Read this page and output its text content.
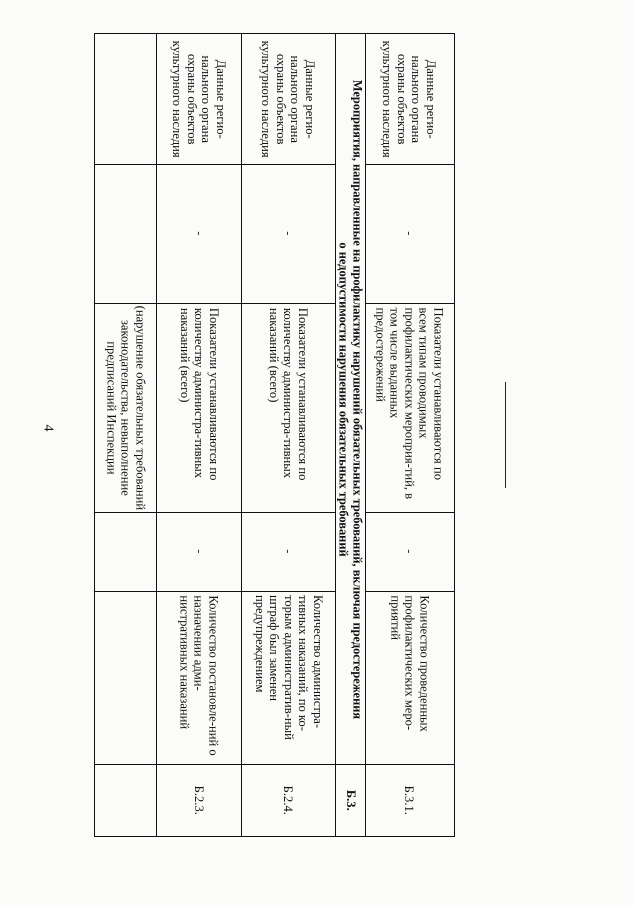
4	(нарушение обязательных требований законодательства, невыполнение предписаний Инспекции
Б.2.3.
Количество постановле-ний о назначении адми-нистративных наказаний
-
Показатели устанавливаются по количеству администра-тивных наказаний (всего)
-
Данные регио-нального органа охраны объектов культурного наследия
Б.2.4.
Количество администра-тивных наказаний, по ко-торым административ-ный штраф был заменен предупреждением
-
Показатели устанавливаются по количеству администра-тивных наказаний (всего)
-
Данные регио-нального органа охраны объектов культурного наследия
Б.3.
Мероприятия, направленные на профилактику нарушений обязательных требований, включая предостережения о недопустимости нарушения обязательных требований
Б.3.1.
Количество проведенных профилактических меро-приятий
-
Показатели устанавливаются по всем типам проводимых профилактических мероприя-тий, в том числе выданных предостережений
-
Данные регио-нального органа охраны объектов культурного наследия
